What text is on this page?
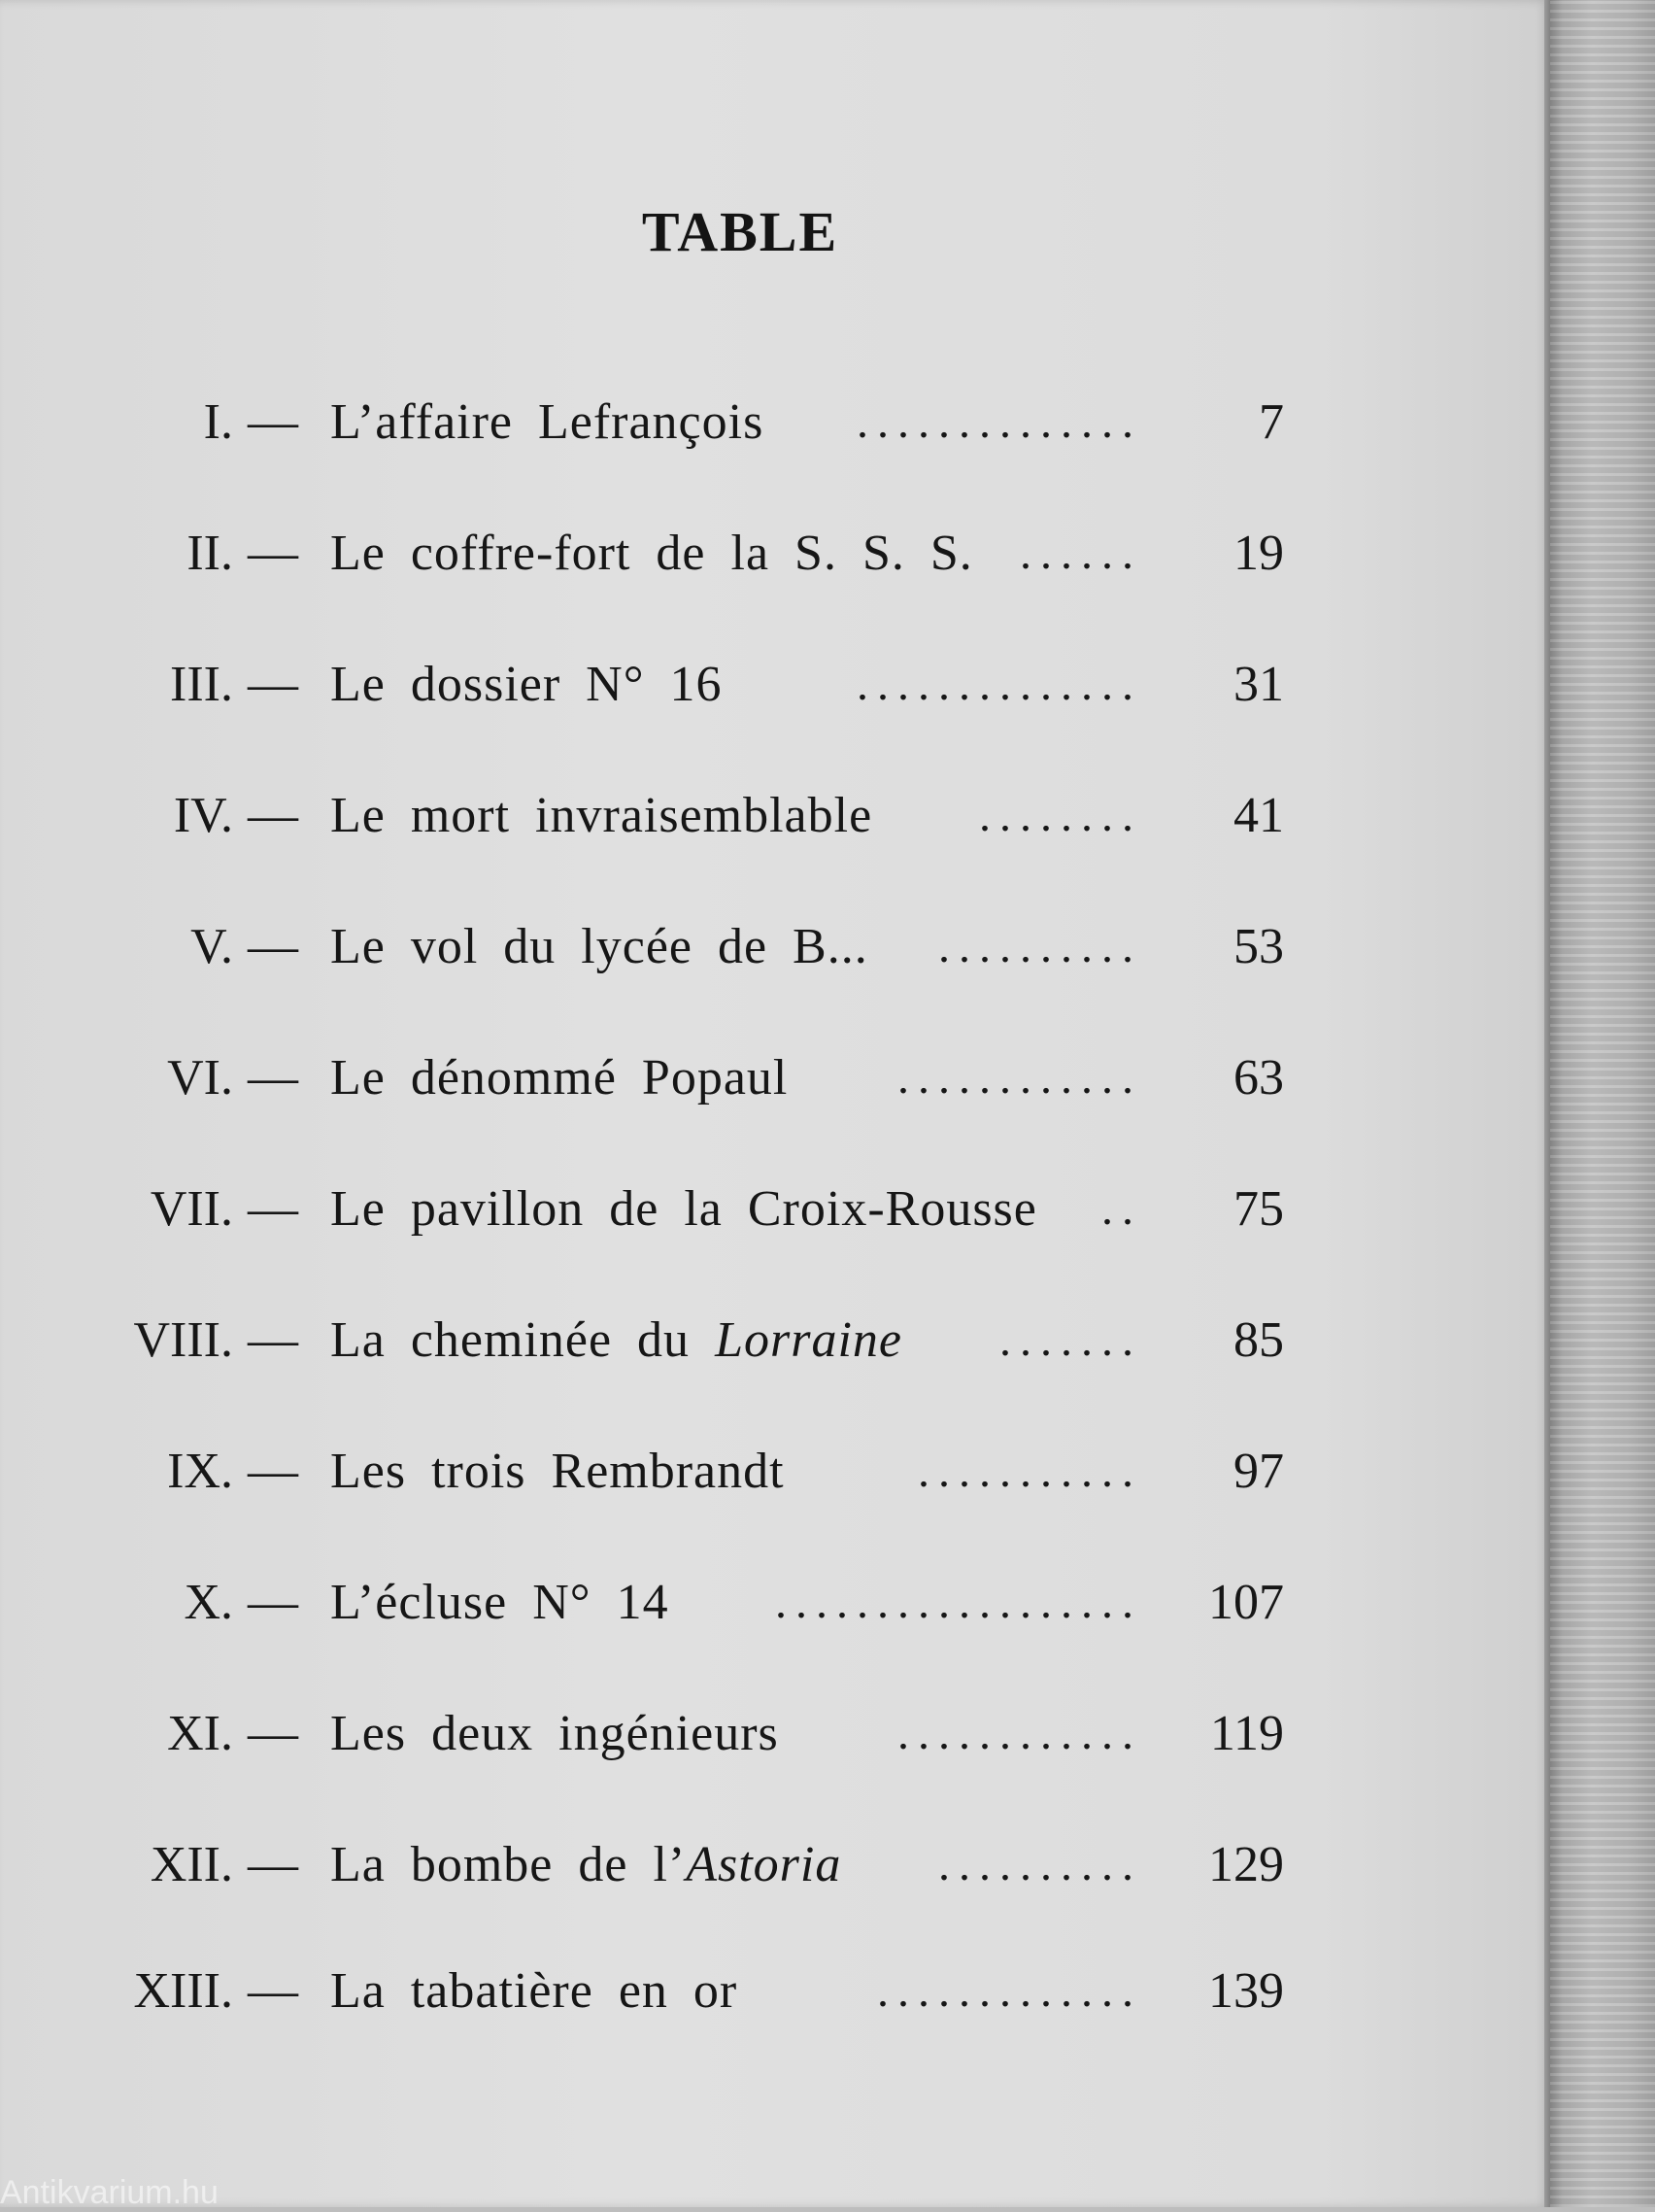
TABLE
I. — L’affaire Lefrançois .............. 7
II. — Le coffre-fort de la S. S. S. ...... 19
III. — Le dossier N° 16	.............. 31
IV. — Le mort invraisemblable ........ 41
V. — Le vol du lycée de B... .......... 53
VI. — Le dénommé Popaul ............ 63
VII. — Le pavillon de la Croix-Rousse .. 75
VIII. — La cheminée du Lorraine ....... 85
IX. — Les trois Rembrandt	........... 97
X. — L’écluse N° 14 .................. 107
XI. — Les deux ingénieurs	............ 119
XII. — La bombe de l’Astoria .......... 129
XIII. — La tabatière en or	............. 139
Antikvarium.hu
